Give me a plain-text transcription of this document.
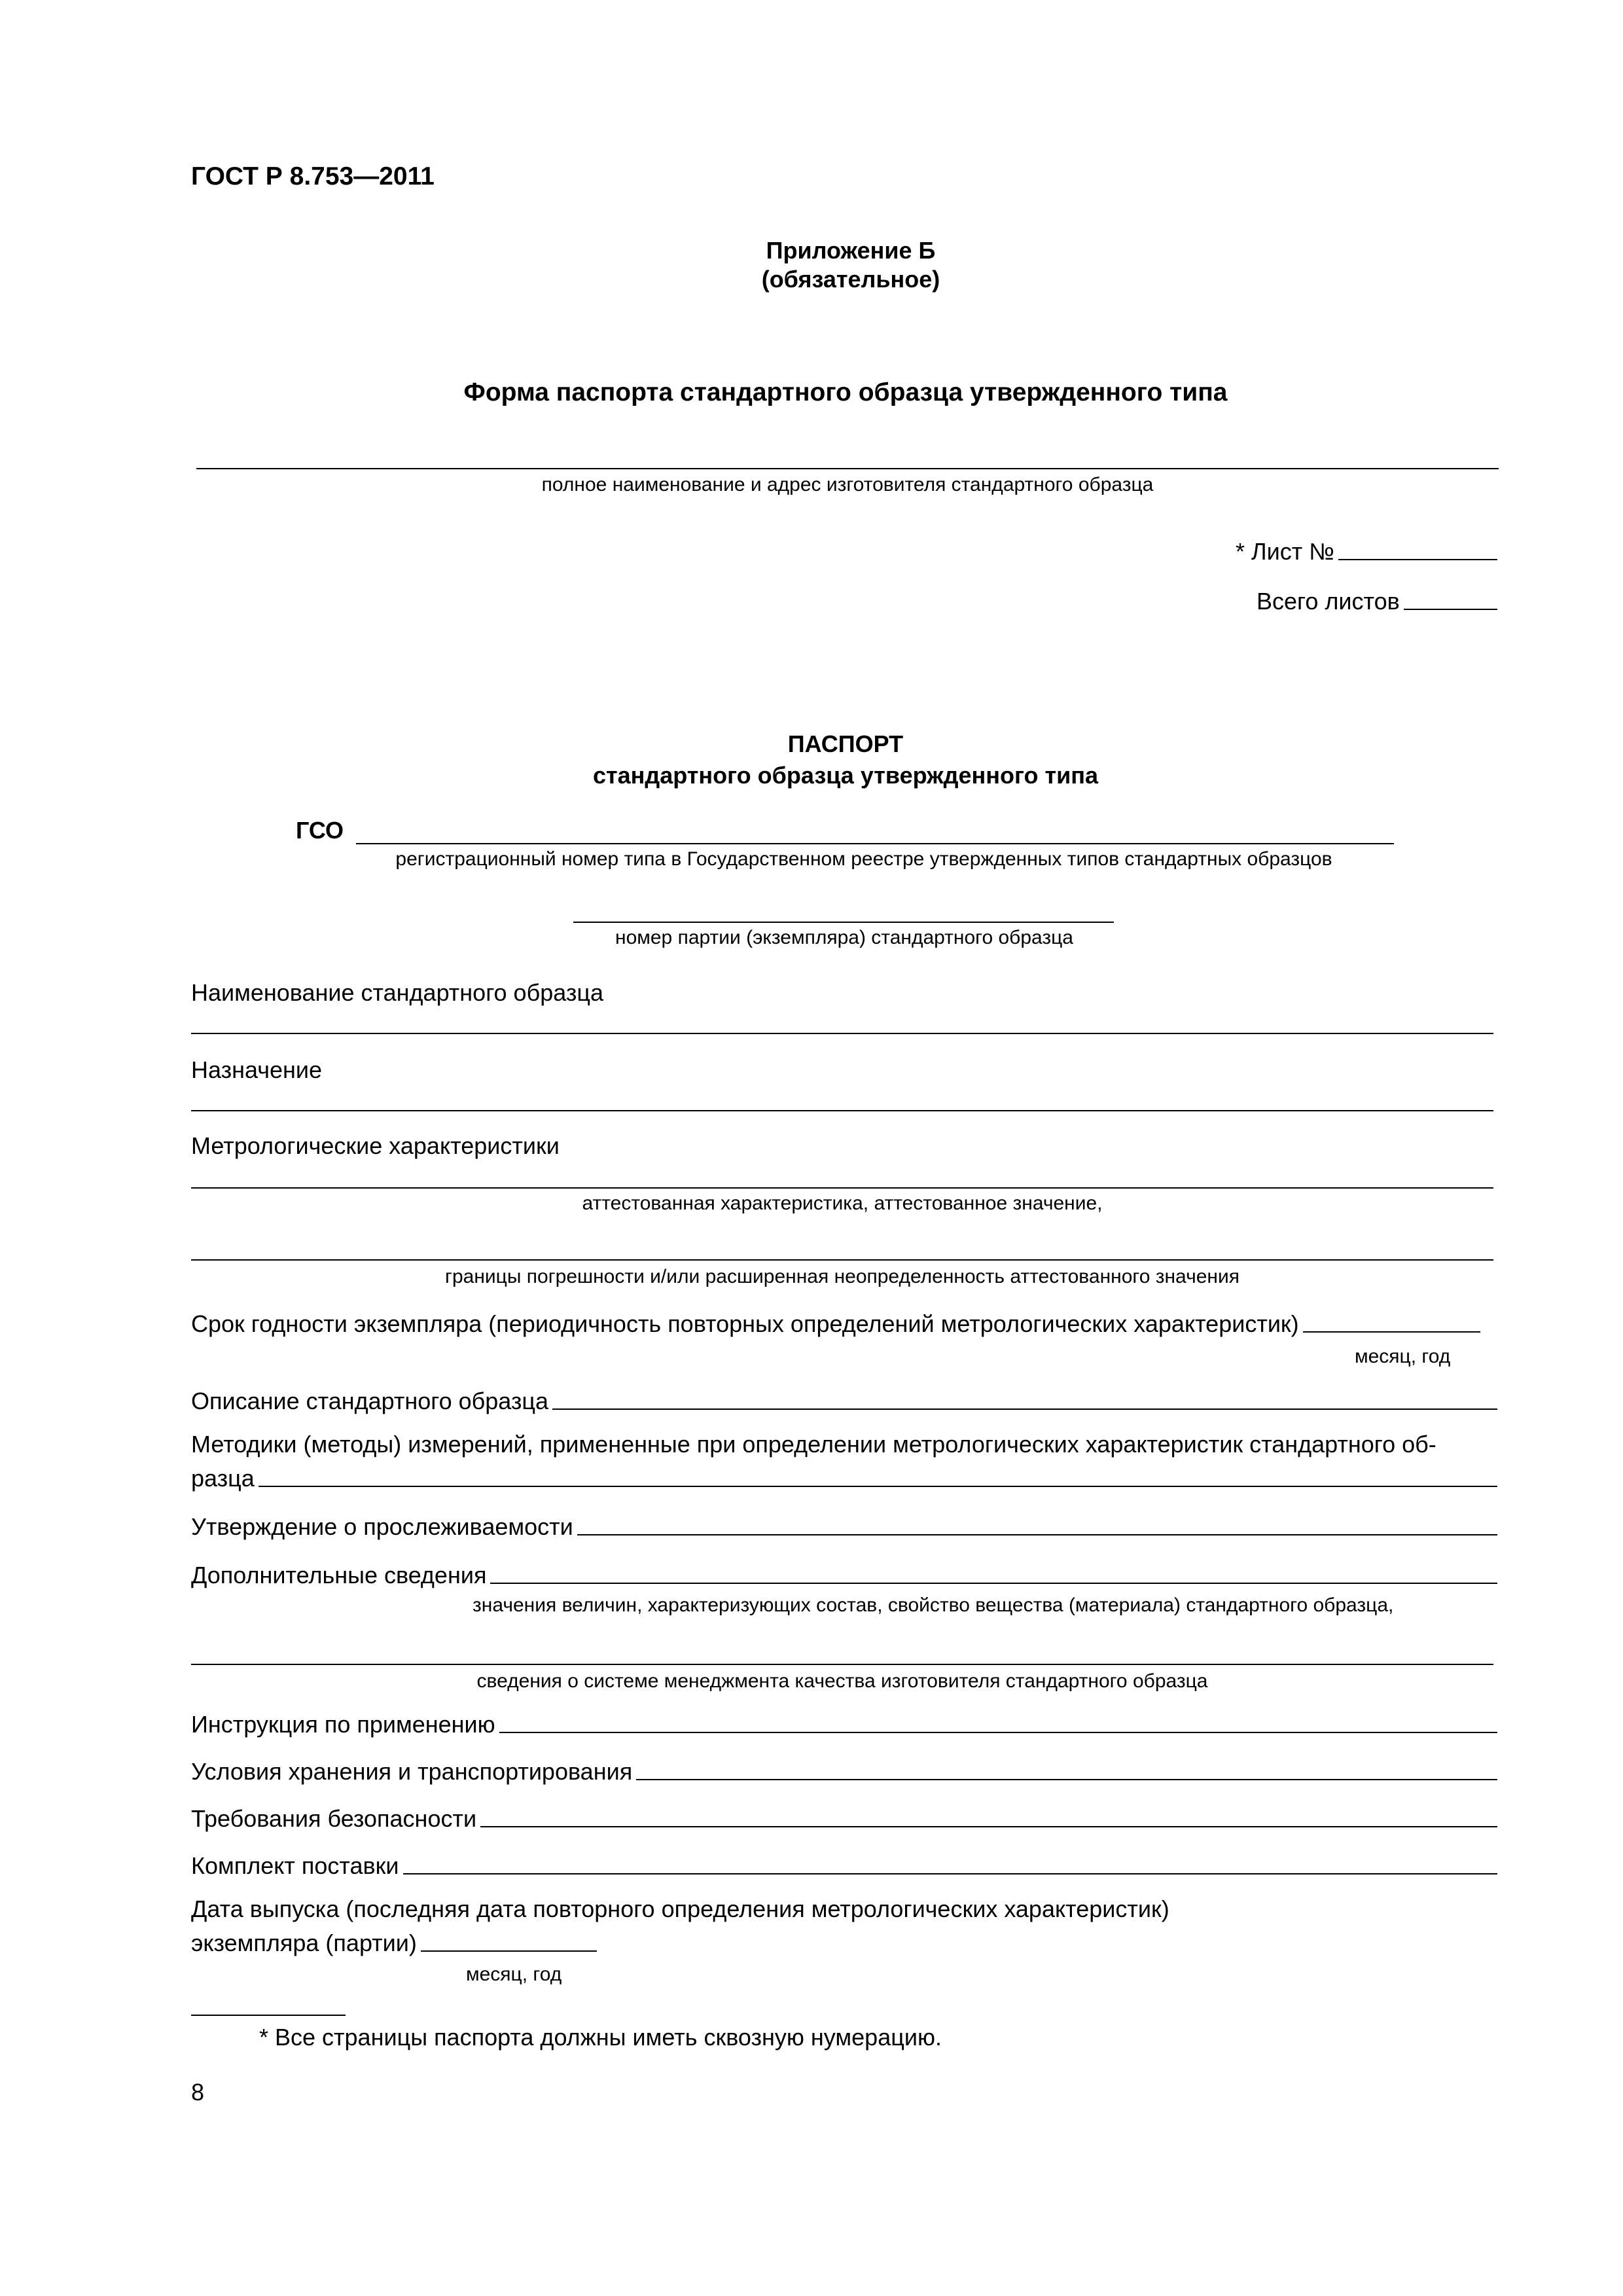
ГОСТ Р 8.753—2011
Приложение Б
(обязательное)
Форма паспорта стандартного образца утвержденного типа
полное наименование и адрес изготовителя стандартного образца
* Лист №
Всего листов
ПАСПОРТ
стандартного образца утвержденного типа
ГСО
регистрационный номер типа в Государственном реестре утвержденных типов стандартных образцов
номер партии (экземпляра) стандартного образца
Наименование стандартного образца
Назначение
Метрологические характеристики
аттестованная характеристика, аттестованное значение,
границы погрешности и/или расширенная неопределенность аттестованного значения
Срок годности экземпляра (периодичность повторных определений метрологических характеристик)
месяц, год
Описание стандартного образца
Методики (методы) измерений, примененные при определении метрологических характеристик стандартного об-
разца
Утверждение о прослеживаемости
Дополнительные сведения
значения величин, характеризующих состав, свойство вещества (материала) стандартного образца,
сведения о системе менеджмента качества изготовителя стандартного образца
Инструкция по применению
Условия хранения и транспортирования
Требования безопасности
Комплект поставки
Дата выпуска (последняя дата повторного определения метрологических характеристик)
экземпляра (партии)
месяц, год
* Все страницы паспорта должны иметь сквозную нумерацию.
8
